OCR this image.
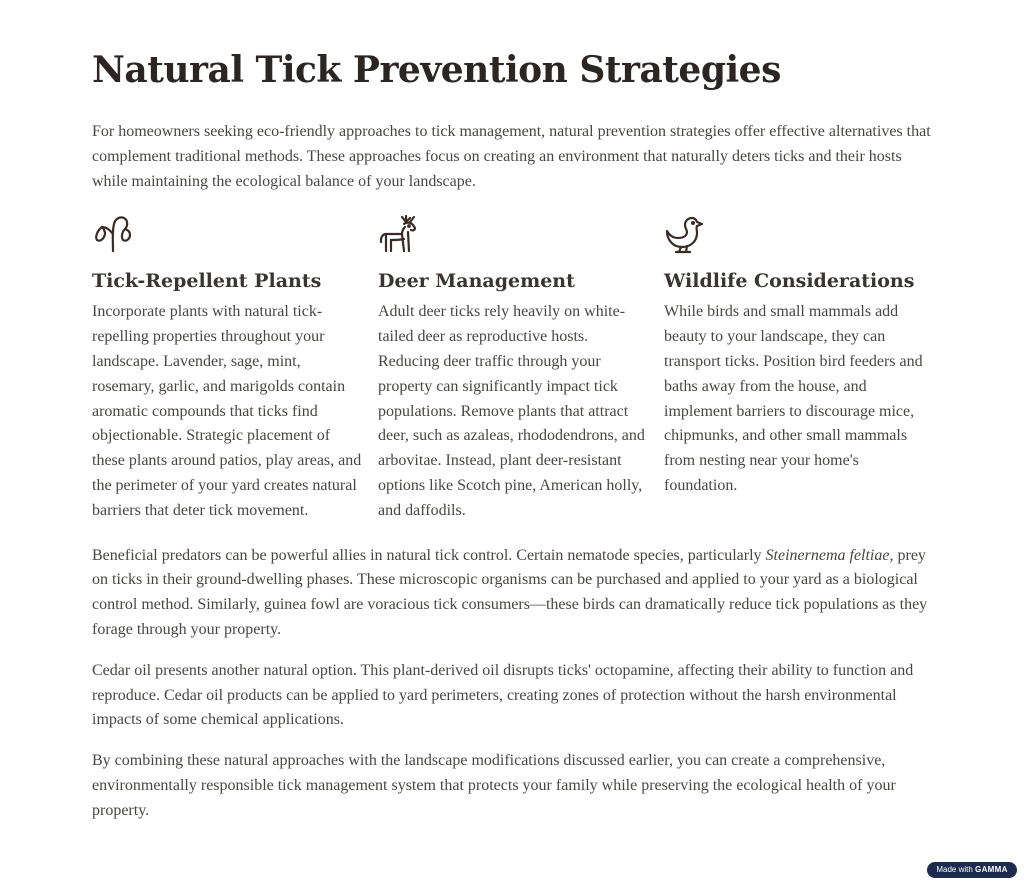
Natural Tick Prevention Strategies

For homeowners seeking eco-friendly approaches to tick management, natural prevention strategies offer effective alternatives that complement traditional methods. These approaches focus on creating an environment that naturally deters ticks and their hosts while maintaining the ecological balance of your landscape.

Tick-Repellent Plants

Incorporate plants with natural tick-repelling properties throughout your landscape. Lavender, sage, mint, rosemary, garlic, and marigolds contain aromatic compounds that ticks find objectionable. Strategic placement of these plants around patios, play areas, and the perimeter of your yard creates natural barriers that deter tick movement.

Deer Management

Adult deer ticks rely heavily on white-tailed deer as reproductive hosts. Reducing deer traffic through your property can significantly impact tick populations. Remove plants that attract deer, such as azaleas, rhododendrons, and arbovitae. Instead, plant deer-resistant options like Scotch pine, American holly, and daffodils.

Wildlife Considerations

While birds and small mammals add beauty to your landscape, they can transport ticks. Position bird feeders and baths away from the house, and implement barriers to discourage mice, chipmunks, and other small mammals from nesting near your home's foundation.

Beneficial predators can be powerful allies in natural tick control. Certain nematode species, particularly Steinernema feltiae, prey on ticks in their ground-dwelling phases. These microscopic organisms can be purchased and applied to your yard as a biological control method. Similarly, guinea fowl are voracious tick consumers—these birds can dramatically reduce tick populations as they forage through your property.

Cedar oil presents another natural option. This plant-derived oil disrupts ticks' octopamine, affecting their ability to function and reproduce. Cedar oil products can be applied to yard perimeters, creating zones of protection without the harsh environmental impacts of some chemical applications.

By combining these natural approaches with the landscape modifications discussed earlier, you can create a comprehensive, environmentally responsible tick management system that protects your family while preserving the ecological health of your property.

Made with GAMMA
